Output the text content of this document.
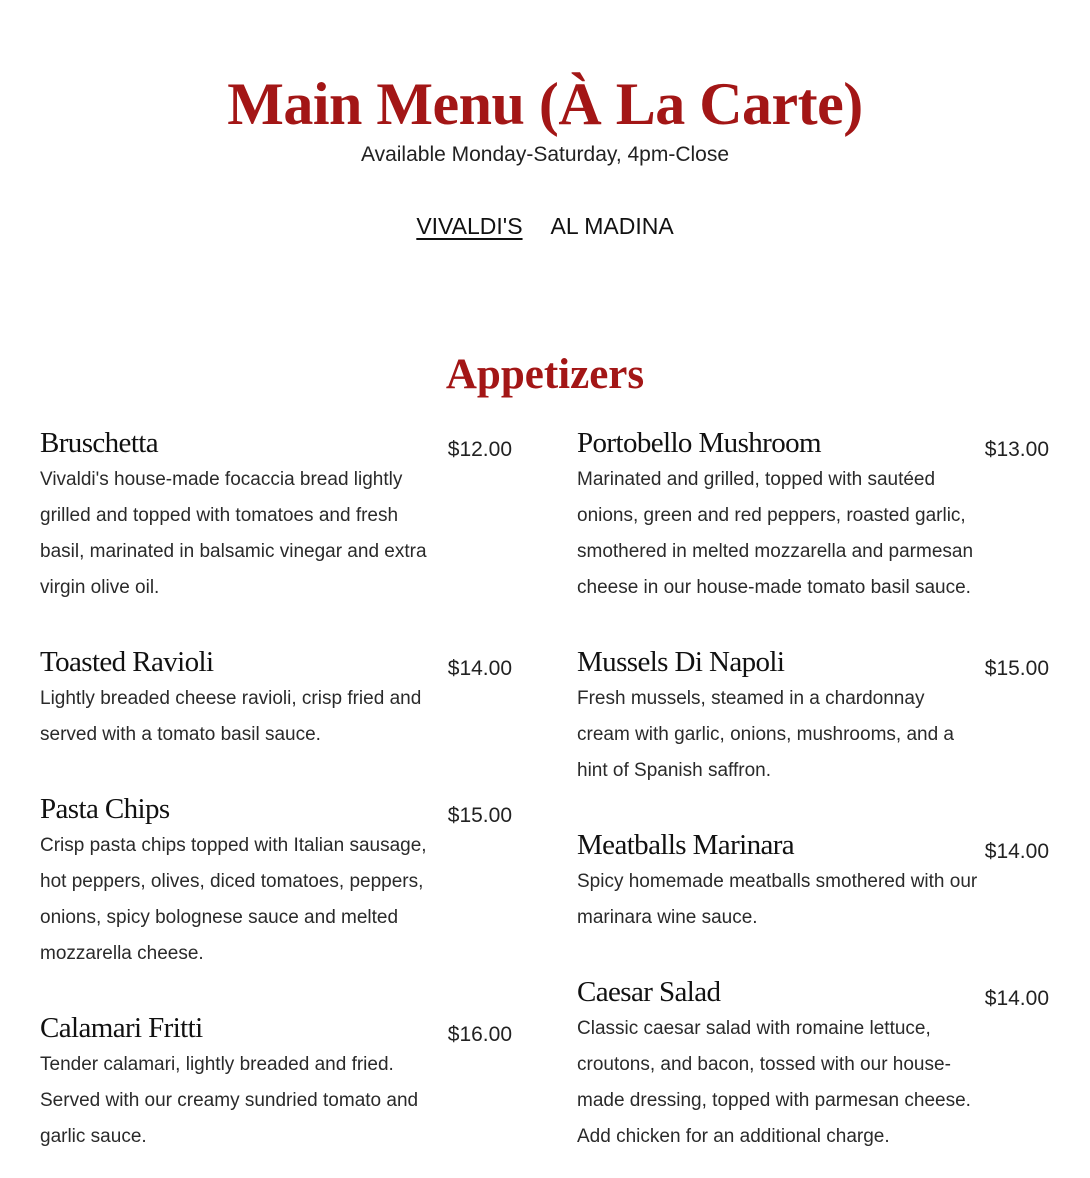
Main Menu (À La Carte)
Available Monday-Saturday, 4pm-Close
VIVALDI'S AL MADINA
Appetizers
Bruschetta	$12.00
Vivaldi's house-made focaccia bread lightly grilled and topped with tomatoes and fresh basil, marinated in balsamic vinegar and extra virgin olive oil.
Toasted Ravioli	$14.00
Lightly breaded cheese ravioli, crisp fried and served with a tomato basil sauce.
Pasta Chips	$15.00
Crisp pasta chips topped with Italian sausage, hot peppers, olives, diced tomatoes, peppers, onions, spicy bolognese sauce and melted mozzarella cheese.
Calamari Fritti	$16.00
Tender calamari, lightly breaded and fried. Served with our creamy sundried tomato and garlic sauce.
Portobello Mushroom	$13.00
Marinated and grilled, topped with sautéed onions, green and red peppers, roasted garlic, smothered in melted mozzarella and parmesan cheese in our house-made tomato basil sauce.
Mussels Di Napoli	$15.00
Fresh mussels, steamed in a chardonnay cream with garlic, onions, mushrooms, and a hint of Spanish saffron.
Meatballs Marinara	$14.00
Spicy homemade meatballs smothered with our marinara wine sauce.
Caesar Salad	$14.00
Classic caesar salad with romaine lettuce, croutons, and bacon, tossed with our house-made dressing, topped with parmesan cheese. Add chicken for an additional charge.
